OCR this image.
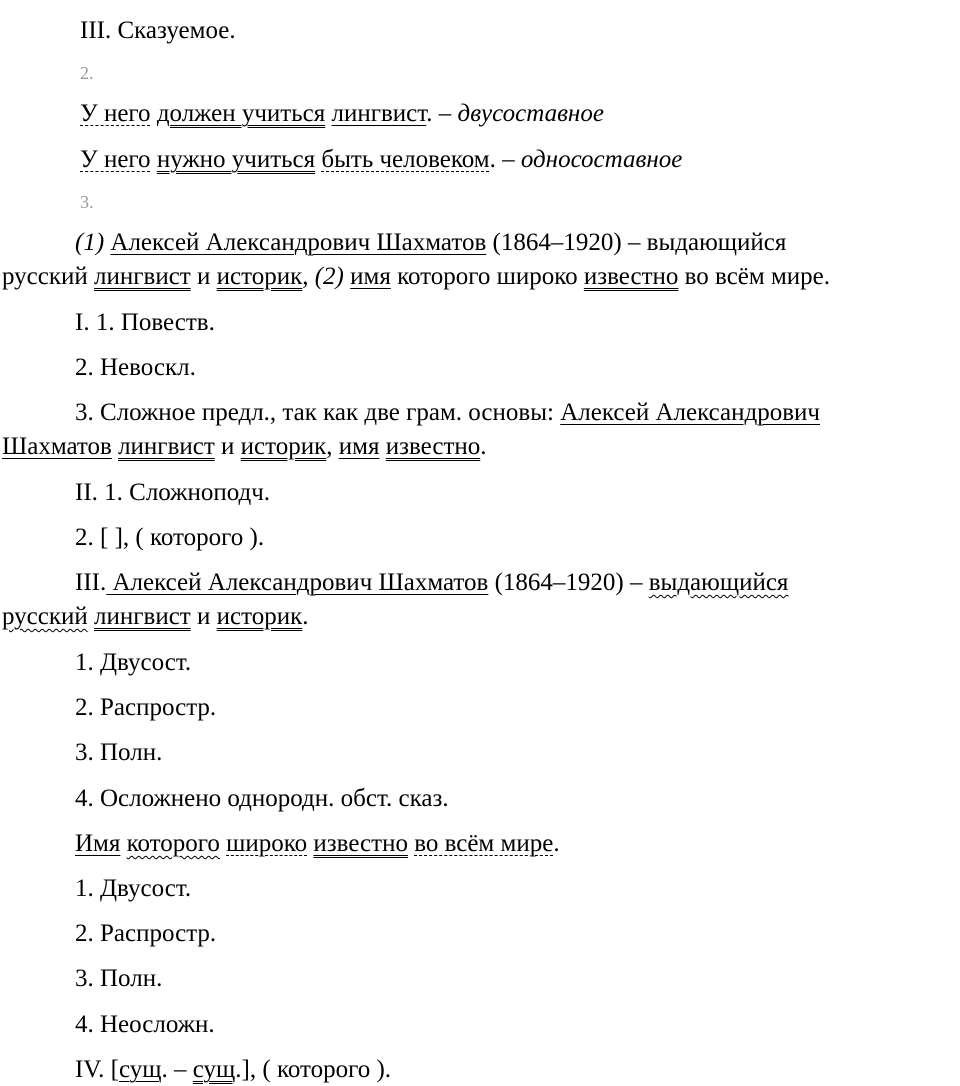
III. Сказуемое.
2.
У него должен учиться лингвист. – двусоставное
У него нужно учиться быть человеком. – односоставное
3.
(1) Алексей Александрович Шахматов (1864–1920) – выдающийся
русский лингвист и историк, (2) имя которого широко известно во всём мире.
I. 1. Повеств.
2. Невоскл.
3. Сложное предл., так как две грам. основы: Алексей Александрович
Шахматов лингвист и историк, имя известно.
II. 1. Сложноподч.
2. [ ], ( которого ).
III. Алексей Александрович Шахматов (1864–1920) – выдающийся
русский лингвист и историк.
1. Двусост.
2. Распростр.
3. Полн.
4. Осложнено однородн. обст. сказ.
Имя которого широко известно во всём мире.
1. Двусост.
2. Распростр.
3. Полн.
4. Неосложн.
IV. [сущ. – сущ.], ( которого ).
